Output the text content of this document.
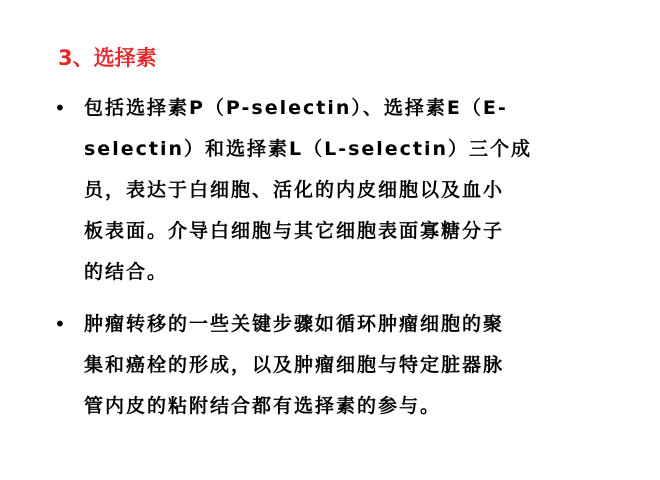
3、选择素
• 包括选择素P（P-selectin）、选择素E（E-
selectin）和选择素L（L-selectin）三个成
员，表达于白细胞、活化的内皮细胞以及血小
板表面。介导白细胞与其它细胞表面寡糖分子
的结合。
• 肿瘤转移的一些关键步骤如循环肿瘤细胞的聚
集和癌栓的形成，以及肿瘤细胞与特定脏器脉
管内皮的粘附结合都有选择素的参与。
